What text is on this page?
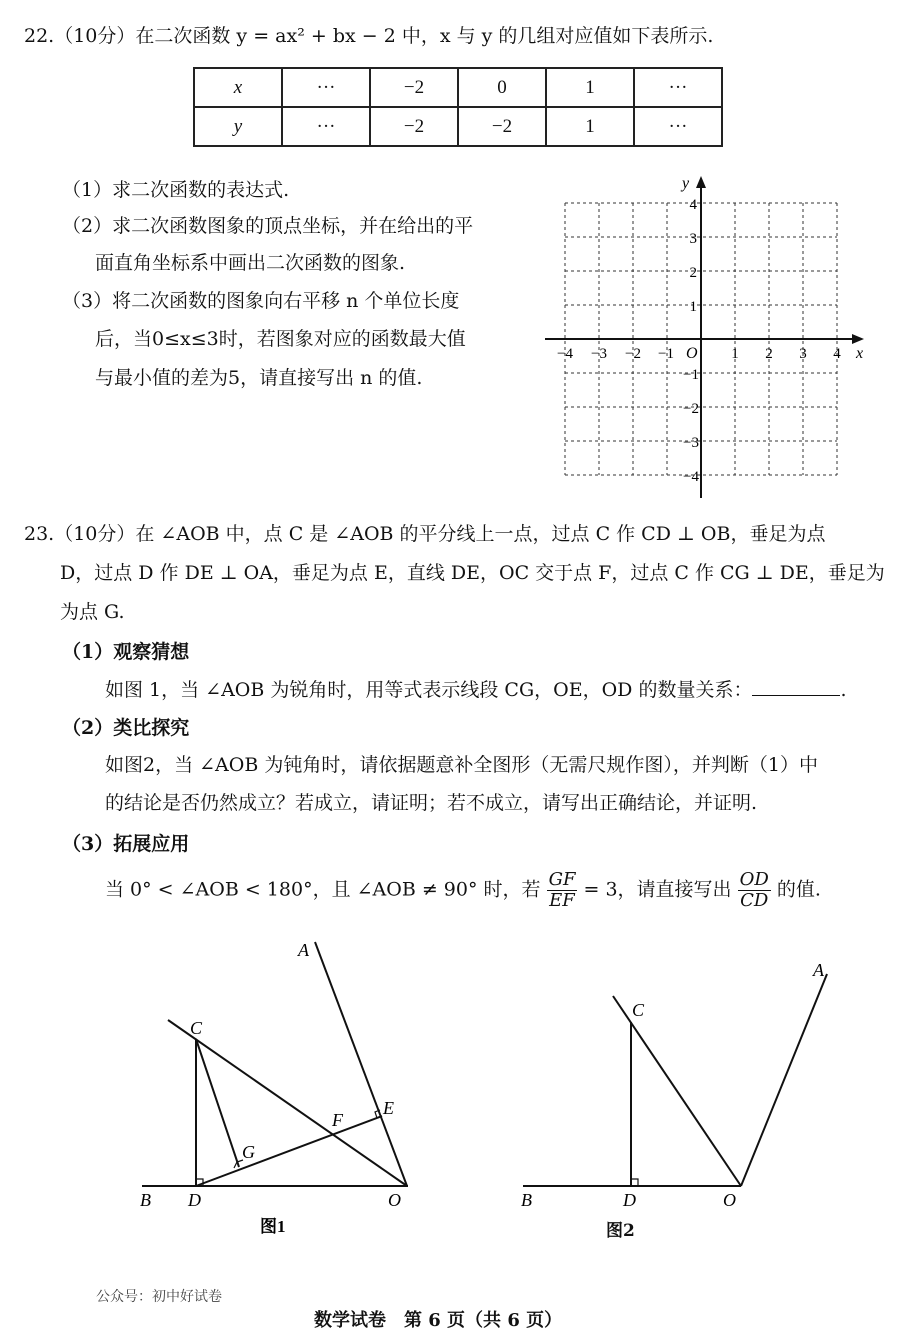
22.（10分）在二次函数 y = ax² + bx − 2 中，x 与 y 的几组对应值如下表所示.
x	···	−2	0	1	···
y	···	−2	−2	1	···
（1）求二次函数的表达式.
（2）求二次函数图象的顶点坐标，并在给出的平
面直角坐标系中画出二次函数的图象.
（3）将二次函数的图象向右平移 n 个单位长度
后，当0≤x≤3时，若图象对应的函数最大值
与最小值的差为5，请直接写出 n 的值.
x
y
O
−4 −3 −2 −1	1 2 3 4
4
3
2
1
−1
−2
−3
−4
23.（10分）在 ∠AOB 中，点 C 是 ∠AOB 的平分线上一点，过点 C 作 CD ⊥ OB，垂足为点
D，过点 D 作 DE ⊥ OA，垂足为点 E，直线 DE，OC 交于点 F，过点 C 作 CG ⊥ DE，垂足为
为点 G.
（1）观察猜想
如图 1，当 ∠AOB 为锐角时，用等式表示线段 CG，OE，OD 的数量关系：	.
（2）类比探究
如图2，当 ∠AOB 为钝角时，请依据题意补全图形（无需尺规作图），并判断（1）中
的结论是否仍然成立？若成立，请证明；若不成立，请写出正确结论，并证明.
（3）拓展应用
当 0° < ∠AOB < 180°，且 ∠AOB ≠ 90° 时，若 $\frac{GF}{EF} = 3$，请直接写出 $\frac{OD}{CD}$ 的值.
A
B
C
D
E
F
G
O
图1
A
B
C
D	O
图2
公众号：初中好试卷
数学试卷　第 6 页（共 6 页）
